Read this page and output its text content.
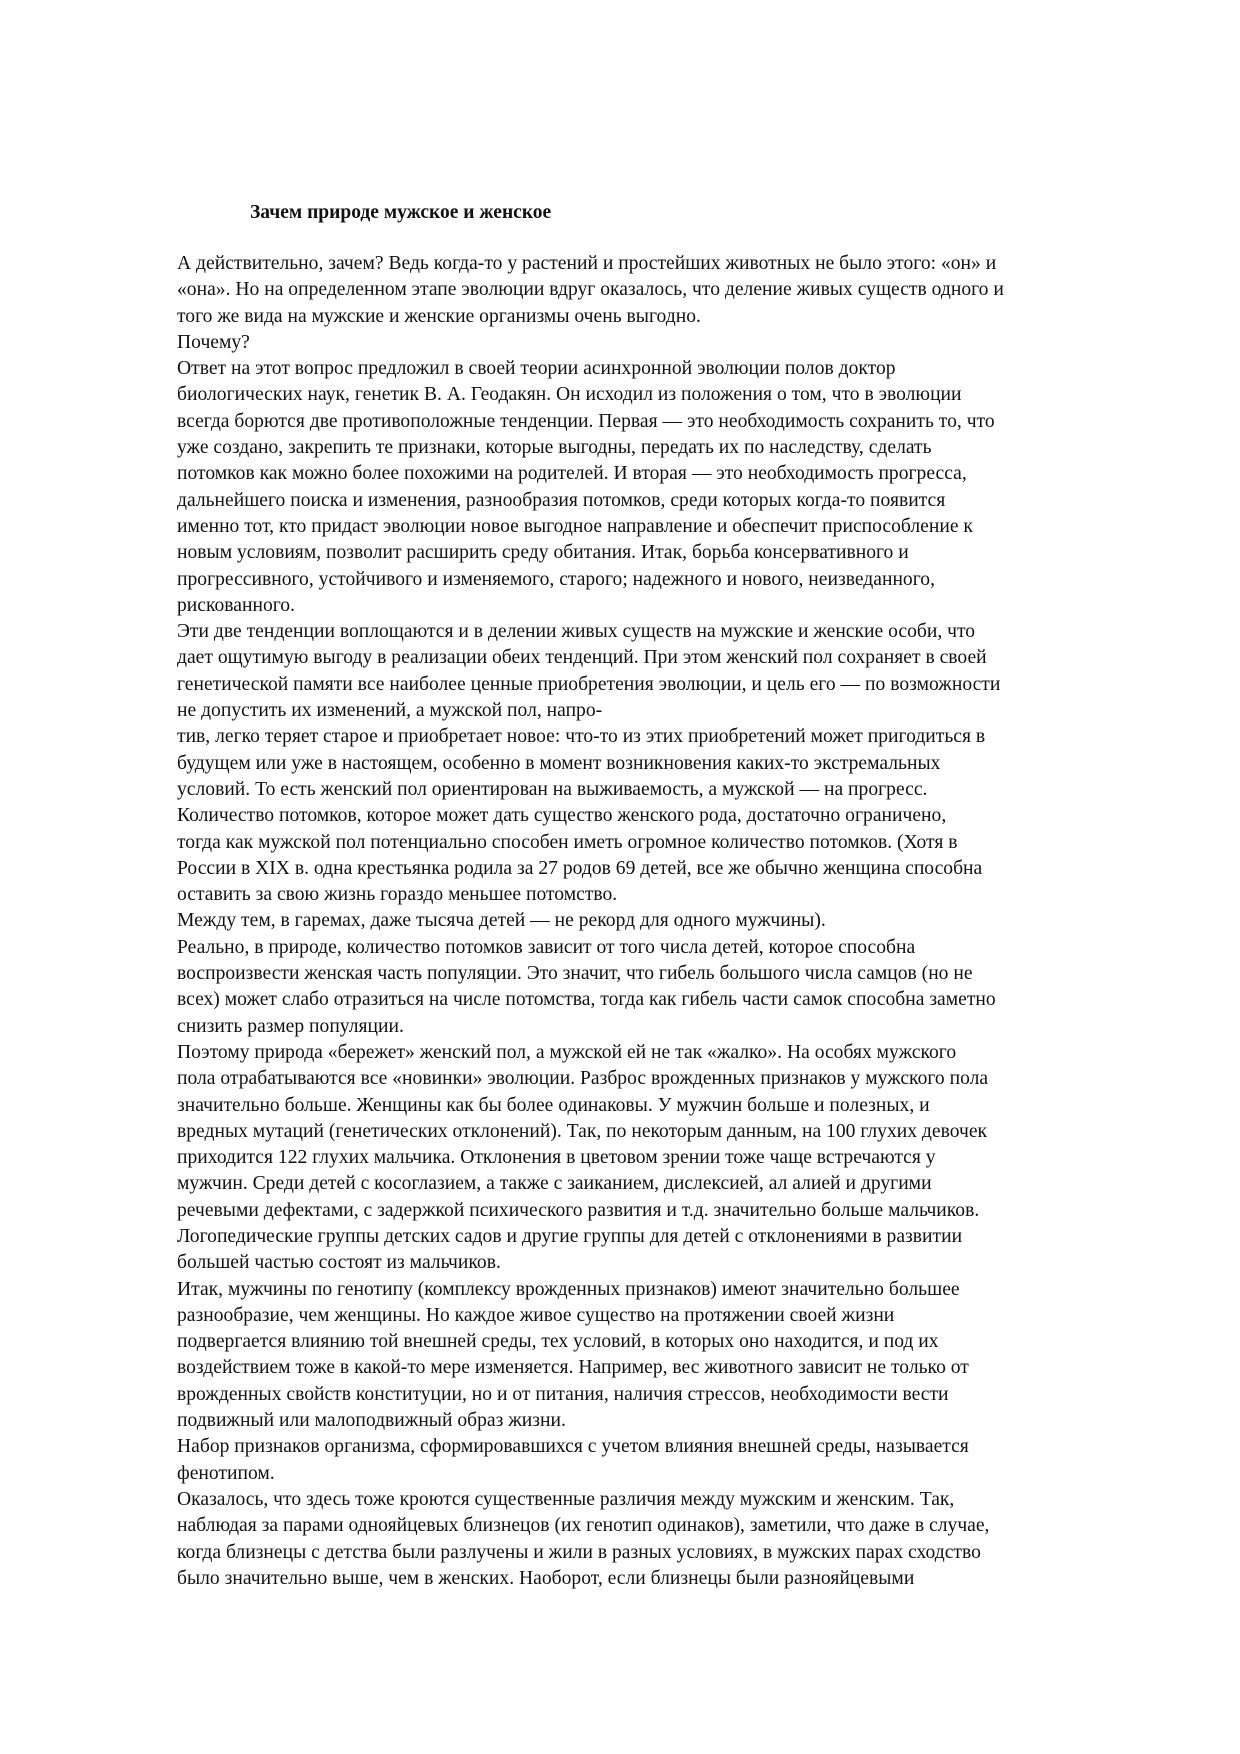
Зачем природе мужское и женское
А действительно, зачем? Ведь когда-то у растений и простейших животных не было этого: «он» и
«она». Но на определенном этапе эволюции вдруг оказалось, что деление живых существ одного и
того же вида на мужские и женские организмы очень выгодно.
Почему?
Ответ на этот вопрос предложил в своей теории асинхронной эволюции полов доктор
биологических наук, генетик В. А. Геодакян. Он исходил из положения о том, что в эволюции
всегда борются две противоположные тенденции. Первая — это необходимость сохранить то, что
уже создано, закрепить те признаки, которые выгодны, передать их по наследству, сделать
потомков как можно более похожими на родителей. И вторая — это необходимость прогресса,
дальнейшего поиска и изменения, разнообразия потомков, среди которых когда-то появится
именно тот, кто придаст эволюции новое выгодное направление и обеспечит приспособление к
новым условиям, позволит расширить среду обитания. Итак, борьба консервативного и
прогрессивного, устойчивого и изменяемого, старого; надежного и нового, неизведанного,
рискованного.
Эти две тенденции воплощаются и в делении живых существ на мужские и женские особи, что
дает ощутимую выгоду в реализации обеих тенденций. При этом женский пол сохраняет в своей
генетической памяти все наиболее ценные приобретения эволюции, и цель его — по возможности
не допустить их изменений, а мужской пол, напро-
тив, легко теряет старое и приобретает новое: что-то из этих приобретений может пригодиться в
будущем или уже в настоящем, особенно в момент возникновения каких-то экстремальных
условий. То есть женский пол ориентирован на выживаемость, а мужской — на прогресс.
Количество потомков, которое может дать существо женского рода, достаточно ограничено,
тогда как мужской пол потенциально способен иметь огромное количество потомков. (Хотя в
России в XIX в. одна крестьянка родила за 27 родов 69 детей, все же обычно женщина способна
оставить за свою жизнь гораздо меньшее потомство.
Между тем, в гаремах, даже тысяча детей — не рекорд для одного мужчины).
Реально, в природе, количество потомков зависит от того числа детей, которое способна
воспроизвести женская часть популяции. Это значит, что гибель большого числа самцов (но не
всех) может слабо отразиться на числе потомства, тогда как гибель части самок способна заметно
снизить размер популяции.
Поэтому природа «бережет» женский пол, а мужской ей не так «жалко». На особях мужского
пола отрабатываются все «новинки» эволюции. Разброс врожденных признаков у мужского пола
значительно больше. Женщины как бы более одинаковы. У мужчин больше и полезных, и
вредных мутаций (генетических отклонений). Так, по некоторым данным, на 100 глухих девочек
приходится 122 глухих мальчика. Отклонения в цветовом зрении тоже чаще встречаются у
мужчин. Среди детей с косоглазием, а также с заиканием, дислексией, ал алией и другими
речевыми дефектами, с задержкой психического развития и т.д. значительно больше мальчиков.
Логопедические группы детских садов и другие группы для детей с отклонениями в развитии
большей частью состоят из мальчиков.
Итак, мужчины по генотипу (комплексу врожденных признаков) имеют значительно большее
разнообразие, чем женщины. Но каждое живое существо на протяжении своей жизни
подвергается влиянию той внешней среды, тех условий, в которых оно находится, и под их
воздействием тоже в какой-то мере изменяется. Например, вес животного зависит не только от
врожденных свойств конституции, но и от питания, наличия стрессов, необходимости вести
подвижный или малоподвижный образ жизни.
Набор признаков организма, сформировавшихся с учетом влияния внешней среды, называется
фенотипом.
Оказалось, что здесь тоже кроются существенные различия между мужским и женским. Так,
наблюдая за парами однояйцевых близнецов (их генотип одинаков), заметили, что даже в случае,
когда близнецы с детства были разлучены и жили в разных условиях, в мужских парах сходство
было значительно выше, чем в женских. Наоборот, если близнецы были разнояйцевыми
